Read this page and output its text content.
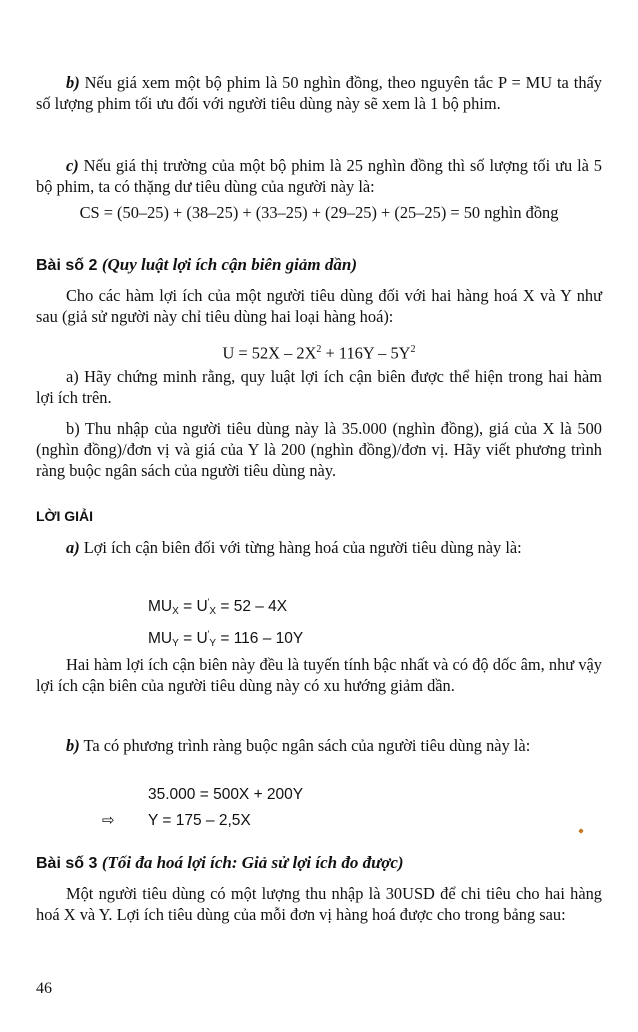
b) Nếu giá xem một bộ phim là 50 nghìn đồng, theo nguyên tắc P = MU ta thấy số lượng phim tối ưu đối với người tiêu dùng này sẽ xem là 1 bộ phim.
c) Nếu giá thị trường của một bộ phim là 25 nghìn đồng thì số lượng tối ưu là 5 bộ phim, ta có thặng dư tiêu dùng của người này là:
CS = (50–25) + (38–25) + (33–25) + (29–25) + (25–25) = 50 nghìn đồng
Bài số 2 (Quy luật lợi ích cận biên giảm dần)
Cho các hàm lợi ích của một người tiêu dùng đối với hai hàng hoá X và Y như sau (giả sử người này chỉ tiêu dùng hai loại hàng hoá):
$U = 52X - 2X^2 + 116Y - 5Y^2$
a) Hãy chứng minh rằng, quy luật lợi ích cận biên được thể hiện trong hai hàm lợi ích trên.
b) Thu nhập của người tiêu dùng này là 35.000 (nghìn đồng), giá của X là 500 (nghìn đồng)/đơn vị và giá của Y là 200 (nghìn đồng)/đơn vị. Hãy viết phương trình ràng buộc ngân sách của người tiêu dùng này.
LỜI GIẢI
a) Lợi ích cận biên đối với từng hàng hoá của người tiêu dùng này là:
$MU_X = U'_X = 52 - 4X$
$MU_Y = U'_Y = 116 - 10Y$
Hai hàm lợi ích cận biên này đều là tuyến tính bậc nhất và có độ dốc âm, như vậy lợi ích cận biên của người tiêu dùng này có xu hướng giảm dần.
b) Ta có phương trình ràng buộc ngân sách của người tiêu dùng này là:
35.000 = 500X + 200Y
⇨ Y = 175 – 2,5X
Bài số 3 (Tối đa hoá lợi ích: Giả sử lợi ích đo được)
Một người tiêu dùng có một lượng thu nhập là 30USD để chi tiêu cho hai hàng hoá X và Y. Lợi ích tiêu dùng của mỗi đơn vị hàng hoá được cho trong bảng sau:
46
